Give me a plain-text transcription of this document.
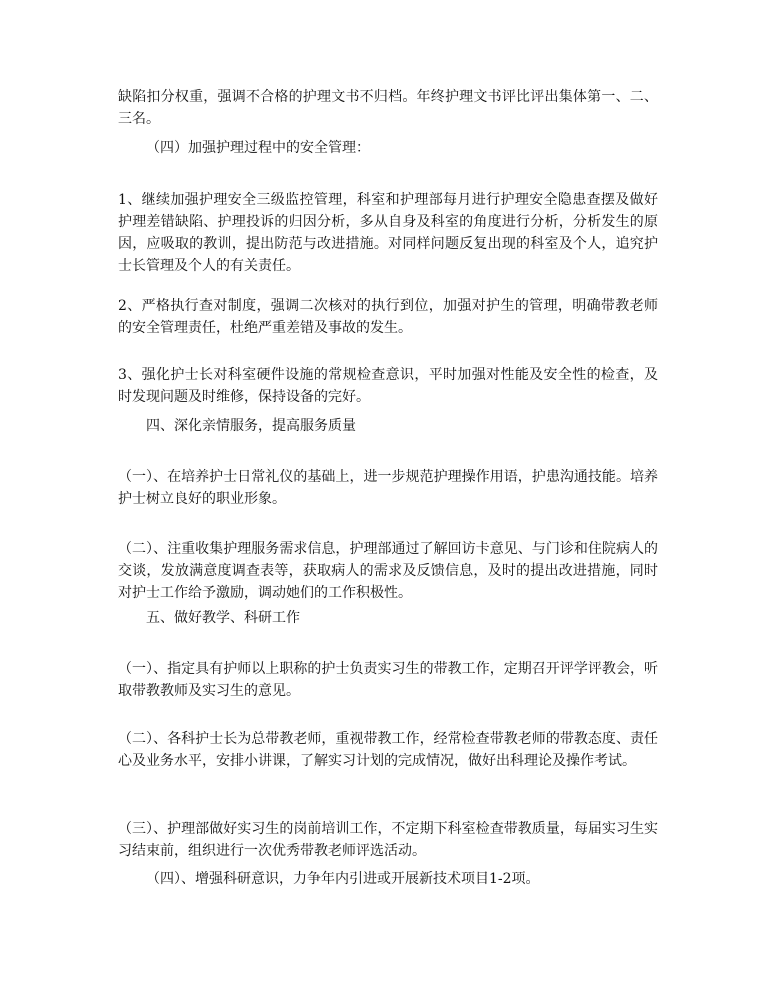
缺陷扣分权重，强调不合格的护理文书不归档。年终护理文书评比评出集体第一、二、三名。

（四）加强护理过程中的安全管理：

1、继续加强护理安全三级监控管理，科室和护理部每月进行护理安全隐患查摆及做好护理差错缺陷、护理投诉的归因分析，多从自身及科室的角度进行分析，分析发生的原因，应吸取的教训，提出防范与改进措施。对同样问题反复出现的科室及个人，追究护士长管理及个人的有关责任。

2、严格执行查对制度，强调二次核对的执行到位，加强对护生的管理，明确带教老师的安全管理责任，杜绝严重差错及事故的发生。

3、强化护士长对科室硬件设施的常规检查意识，平时加强对性能及安全性的检查，及时发现问题及时维修，保持设备的完好。

四、深化亲情服务，提高服务质量

（一）、在培养护士日常礼仪的基础上，进一步规范护理操作用语，护患沟通技能。培养护士树立良好的职业形象。

（二）、注重收集护理服务需求信息，护理部通过了解回访卡意见、与门诊和住院病人的交谈，发放满意度调查表等，获取病人的需求及反馈信息，及时的提出改进措施，同时对护士工作给予激励，调动她们的工作积极性。

五、做好教学、科研工作

（一）、指定具有护师以上职称的护士负责实习生的带教工作，定期召开评学评教会，听取带教教师及实习生的意见。

（二）、各科护士长为总带教老师，重视带教工作，经常检查带教老师的带教态度、责任心及业务水平，安排小讲课，了解实习计划的完成情况，做好出科理论及操作考试。

（三）、护理部做好实习生的岗前培训工作，不定期下科室检查带教质量，每届实习生实习结束前，组织进行一次优秀带教老师评选活动。

（四）、增强科研意识，力争年内引进或开展新技术项目1-2项。
